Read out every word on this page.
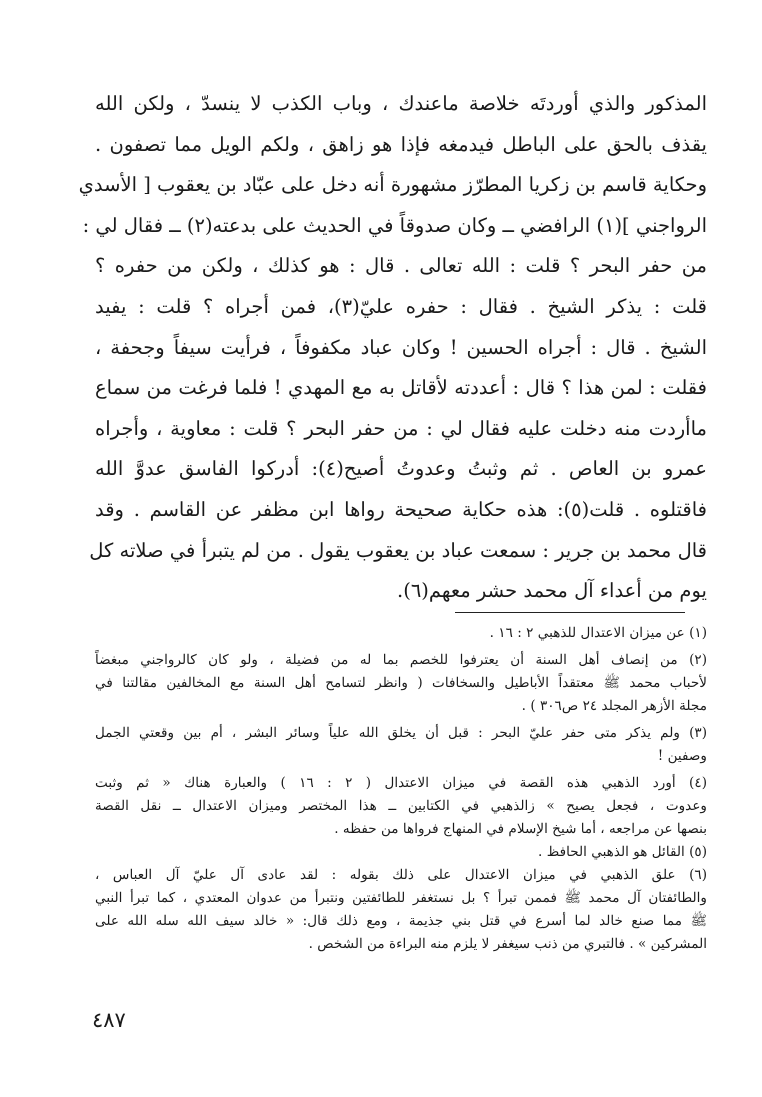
المذكور والذي أوردتَه خلاصة ماعندك ، وباب الكذب لا ينسدّ ، ولكن الله
يقذف بالحق على الباطل فيدمغه فإذا هو زاهق ، ولكم الويل مما تصفون .
وحكاية قاسم بن زكريا المطرّز مشهورة أنه دخل على عبّاد بن يعقوب [ الأسدي
الرواجني ](١) الرافضي ــ وكان صدوقاً في الحديث على بدعته(٢) ــ فقال لي :
من حفر البحر ؟ قلت : الله تعالى . قال : هو كذلك ، ولكن من حفره ؟
قلت : يذكر الشيخ . فقال : حفره عليّ(٣)، فمن أجراه ؟ قلت : يفيد
الشيخ . قال : أجراه الحسين ! وكان عباد مكفوفاً ، فرأيت سيفاً وجحفة ،
فقلت : لمن هذا ؟ قال : أعددته لأقاتل به مع المهدي ! فلما فرغت من سماع
ماأردت منه دخلت عليه فقال لي : من حفر البحر ؟ قلت : معاوية ، وأجراه
عمرو بن العاص . ثم وثبتُ وعدوتُ أصيح(٤): أدركوا الفاسق عدوَّ الله
فاقتلوه . قلت(٥): هذه حكاية صحيحة رواها ابن مظفر عن القاسم . وقد
قال محمد بن جرير : سمعت عباد بن يعقوب يقول . من لم يتبرأ في صلاته كل
يوم من أعداء آل محمد حشر معهم(٦).
(١) عن ميزان الاعتدال للذهبي ٢ : ١٦ .
(٢) من إنصاف أهل السنة أن يعترفوا للخصم بما له من فضيلة ، ولو كان كالرواجني مبغضاً
لأحباب محمد ﷺ معتقداً الأباطيل والسخافات ( وانظر لتسامح أهل السنة مع المخالفين مقالتنا في
مجلة الأزهر المجلد ٢٤ ص٣٠٦ ) .
(٣) ولم يذكر متى حفر عليّ البحر : قبل أن يخلق الله علياً وسائر البشر ، أم بين وقعتي الجمل
وصفين !
(٤) أورد الذهبي هذه القصة في ميزان الاعتدال ( ٢ : ١٦ ) والعبارة هناك « ثم وثبت
وعدوت ، فجعل يصيح » زالذهبي في الكتابين ــ هذا المختصر وميزان الاعتدال ــ نقل القصة
بنصها عن مراجعه ، أما شيخ الإسلام في المنهاج فرواها من حفظه .
(٥) القائل هو الذهبي الحافظ .
(٦) علق الذهبي في ميزان الاعتدال على ذلك بقوله : لقد عادى آل عليّ آل العباس ،
والطائفتان آل محمد ﷺ فممن تبرأ ؟ بل نستغفر للطائفتين ونتبرأ من عدوان المعتدي ، كما تبرأ النبي
ﷺ مما صنع خالد لما أسرع في قتل بني جذيمة ، ومع ذلك قال: « خالد سيف الله سله الله على
المشركين » . فالتبري من ذنب سيغفر لا يلزم منه البراءة من الشخص .
٤٨٧
